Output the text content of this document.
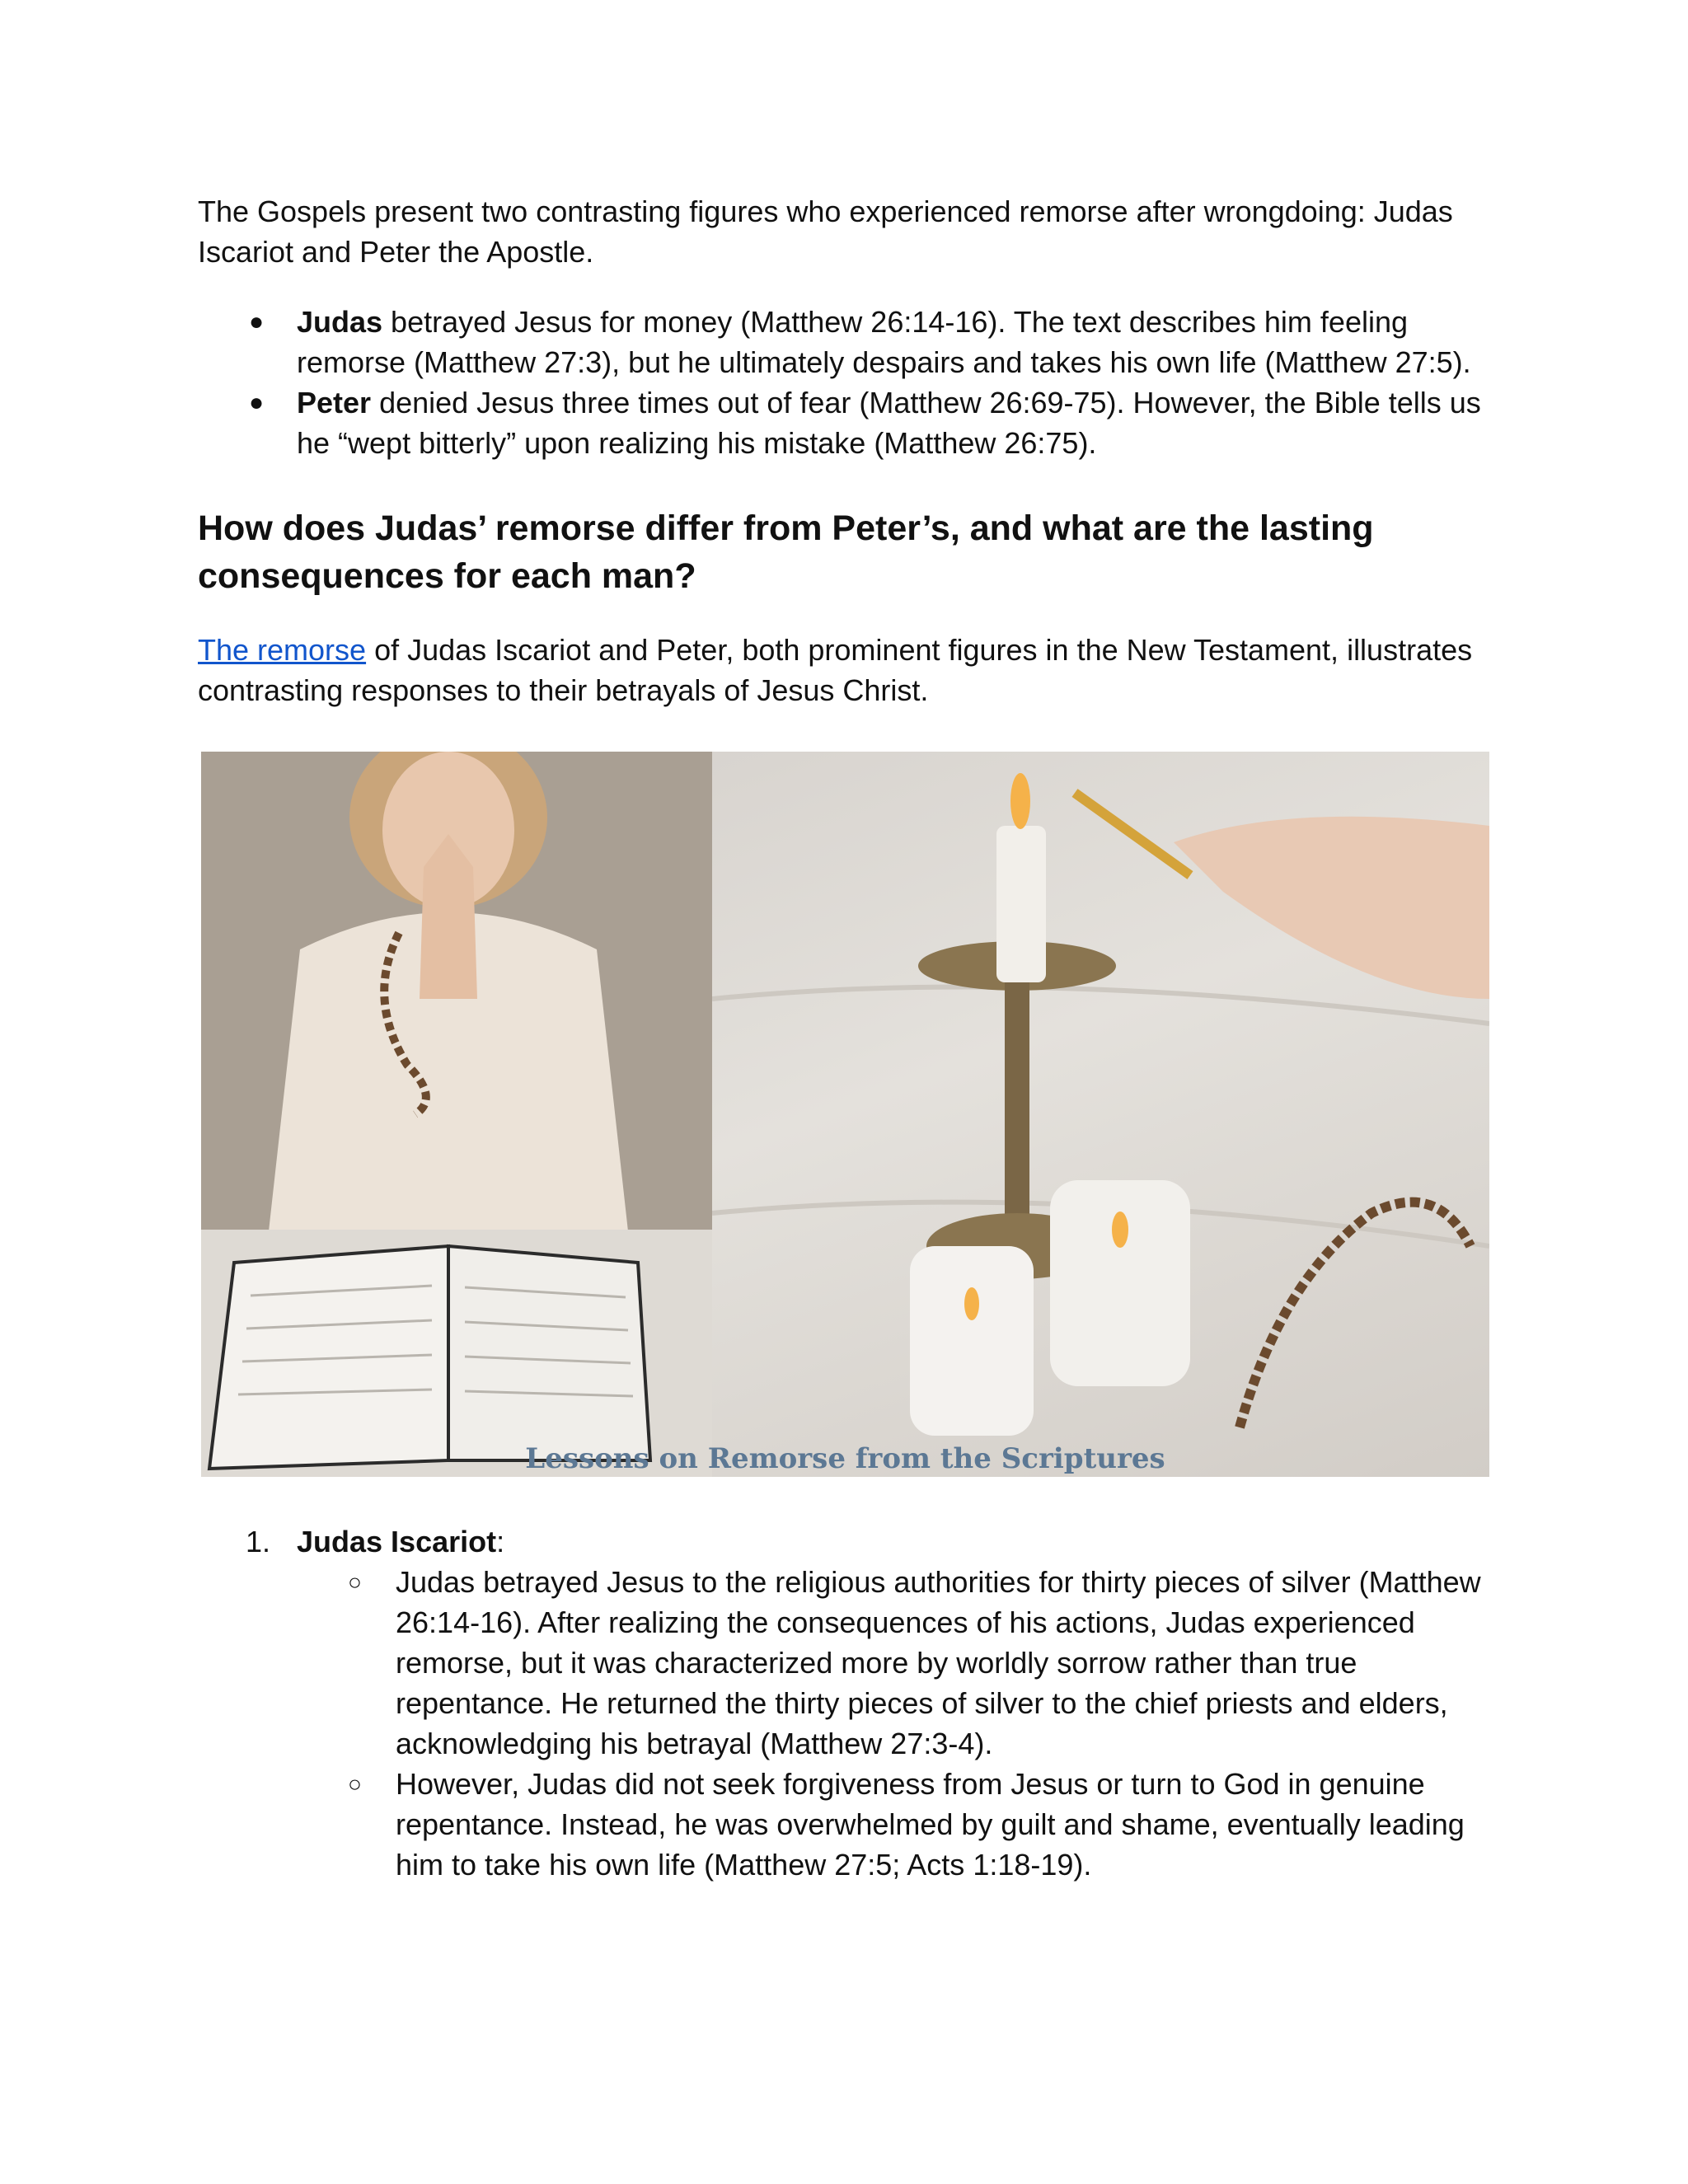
The Gospels present two contrasting figures who experienced remorse after wrongdoing: Judas Iscariot and Peter the Apostle.

● Judas betrayed Jesus for money (Matthew 26:14-16). The text describes him feeling remorse (Matthew 27:3), but he ultimately despairs and takes his own life (Matthew 27:5).
● Peter denied Jesus three times out of fear (Matthew 26:69-75). However, the Bible tells us he “wept bitterly” upon realizing his mistake (Matthew 26:75).
How does Judas’ remorse differ from Peter’s, and what are the lasting consequences for each man?

The remorse of Judas Iscariot and Peter, both prominent figures in the New Testament, illustrates contrasting responses to their betrayals of Jesus Christ.

Lessons on Remorse from the Scriptures
1. Judas Iscariot:
○ Judas betrayed Jesus to the religious authorities for thirty pieces of silver (Matthew 26:14-16). After realizing the consequences of his actions, Judas experienced remorse, but it was characterized more by worldly sorrow rather than true repentance. He returned the thirty pieces of silver to the chief priests and elders, acknowledging his betrayal (Matthew 27:3-4).
○ However, Judas did not seek forgiveness from Jesus or turn to God in genuine repentance. Instead, he was overwhelmed by guilt and shame, eventually leading him to take his own life (Matthew 27:5; Acts 1:18-19).
